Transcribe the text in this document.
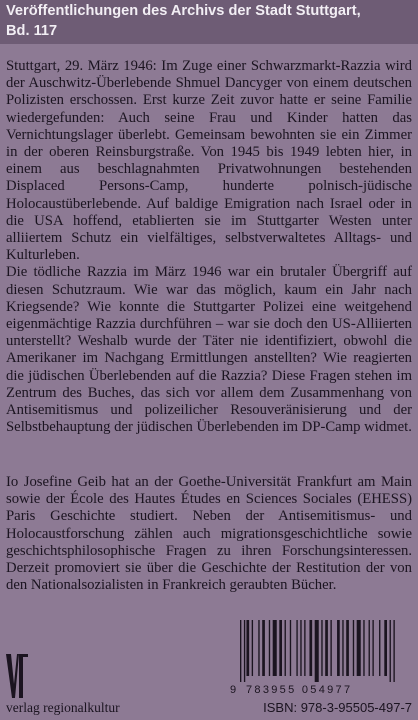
Veröffentlichungen des Archivs der Stadt Stuttgart,
Bd. 117

Stuttgart, 29. März 1946: Im Zuge einer Schwarzmarkt-Razzia wird der Auschwitz-Überlebende Shmuel Dancyger von einem deutschen Polizisten erschossen. Erst kurze Zeit zuvor hatte er seine Familie wiedergefunden: Auch seine Frau und Kinder hatten das Vernichtungslager überlebt. Gemeinsam bewohnten sie ein Zimmer in der oberen Reinsburgstraße. Von 1945 bis 1949 lebten hier, in einem aus beschlagnahmten Privatwohnungen bestehenden Displaced Persons-Camp, hunderte polnisch-jüdische Holocaustüberlebende. Auf baldige Emigration nach Israel oder in die USA hoffend, etablierten sie im Stuttgarter Westen unter alliiertem Schutz ein vielfältiges, selbstverwaltetes Alltags- und Kulturleben.

Die tödliche Razzia im März 1946 war ein brutaler Übergriff auf diesen Schutzraum. Wie war das möglich, kaum ein Jahr nach Kriegsende? Wie konnte die Stuttgarter Polizei eine weitgehend eigenmächtige Razzia durchführen – war sie doch den US-Alliierten unterstellt? Weshalb wurde der Täter nie identifiziert, obwohl die Amerikaner im Nachgang Ermittlungen anstellten? Wie reagierten die jüdischen Überlebenden auf die Razzia? Diese Fragen stehen im Zentrum des Buches, das sich vor allem dem Zusammenhang von Antisemitismus und polizeilicher Resouveränisierung und der Selbstbehauptung der jüdischen Überlebenden im DP-Camp widmet.

Io Josefine Geib hat an der Goethe-Universität Frankfurt am Main sowie der École des Hautes Études en Sciences Sociales (EHESS) Paris Geschichte studiert. Neben der Antisemitismus- und Holocaustforschung zählen auch migrationsgeschichtliche sowie geschichtsphilosophische Fragen zu ihren Forschungsinteressen. Derzeit promoviert sie über die Geschichte der Restitution der von den Nationalsozialisten in Frankreich geraubten Bücher.

verlag regionalkultur
9 783955 054977
ISBN: 978-3-95505-497-7
